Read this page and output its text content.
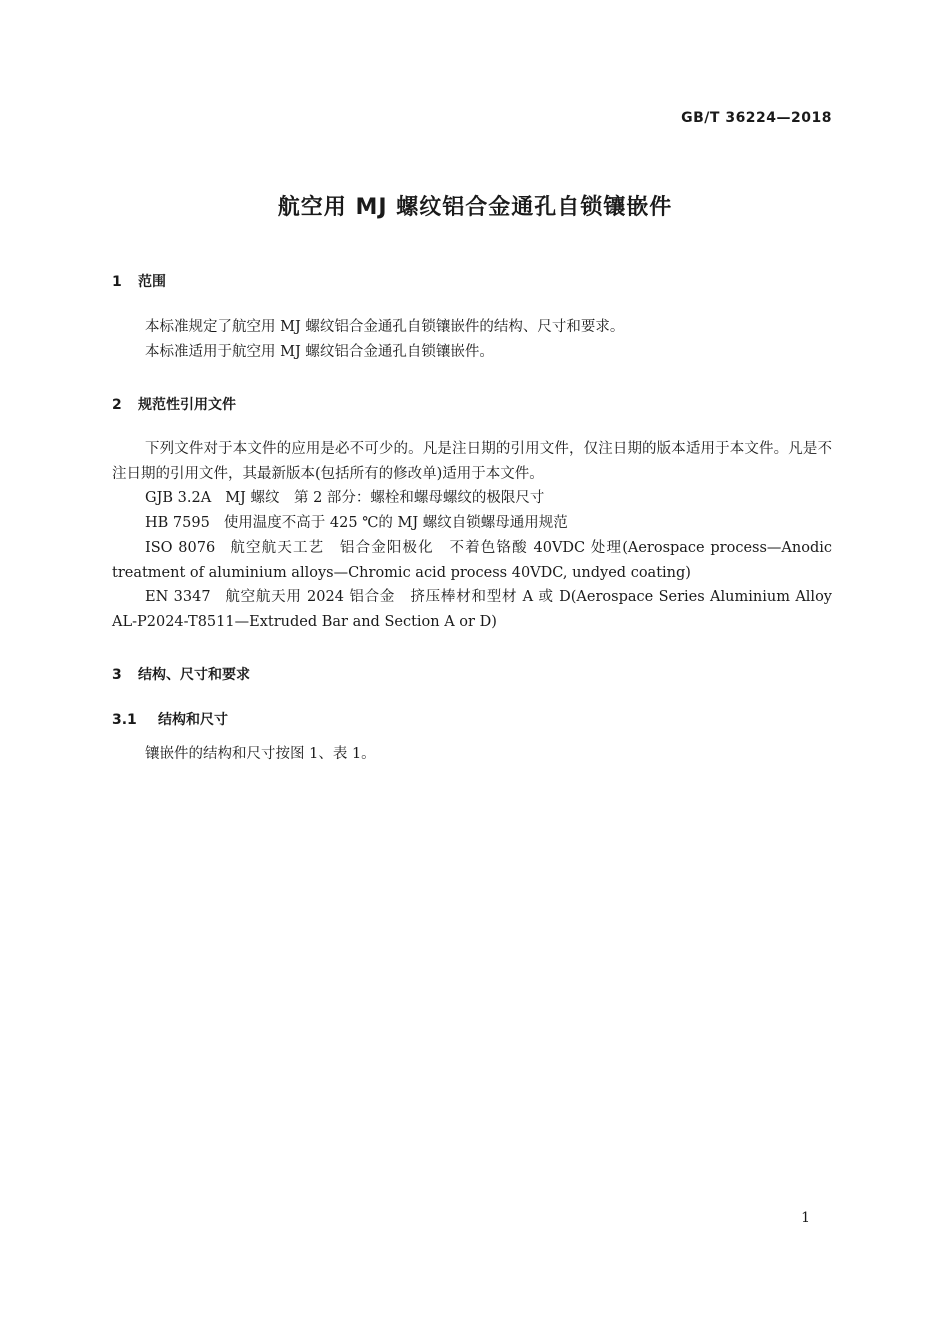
GB/T 36224—2018
航空用 MJ 螺纹铝合金通孔自锁镶嵌件
1 范围
本标准规定了航空用 MJ 螺纹铝合金通孔自锁镶嵌件的结构、尺寸和要求。
本标准适用于航空用 MJ 螺纹铝合金通孔自锁镶嵌件。
2 规范性引用文件
下列文件对于本文件的应用是必不可少的。凡是注日期的引用文件，仅注日期的版本适用于本文件。凡是不注日期的引用文件，其最新版本(包括所有的修改单)适用于本文件。
GJB 3.2A MJ 螺纹　第 2 部分：螺栓和螺母螺纹的极限尺寸
HB 7595 使用温度不高于 425 ℃的 MJ 螺纹自锁螺母通用规范
ISO 8076 航空航天工艺　铝合金阳极化　不着色铬酸 40VDC 处理(Aerospace process—Anodic treatment of aluminium alloys—Chromic acid process 40VDC, undyed coating)
EN 3347 航空航天用 2024 铝合金　挤压棒材和型材 A 或 D(Aerospace Series Aluminium Alloy AL-P2024-T8511—Extruded Bar and Section A or D)
3 结构、尺寸和要求
3.1 结构和尺寸
镶嵌件的结构和尺寸按图 1、表 1。
1
